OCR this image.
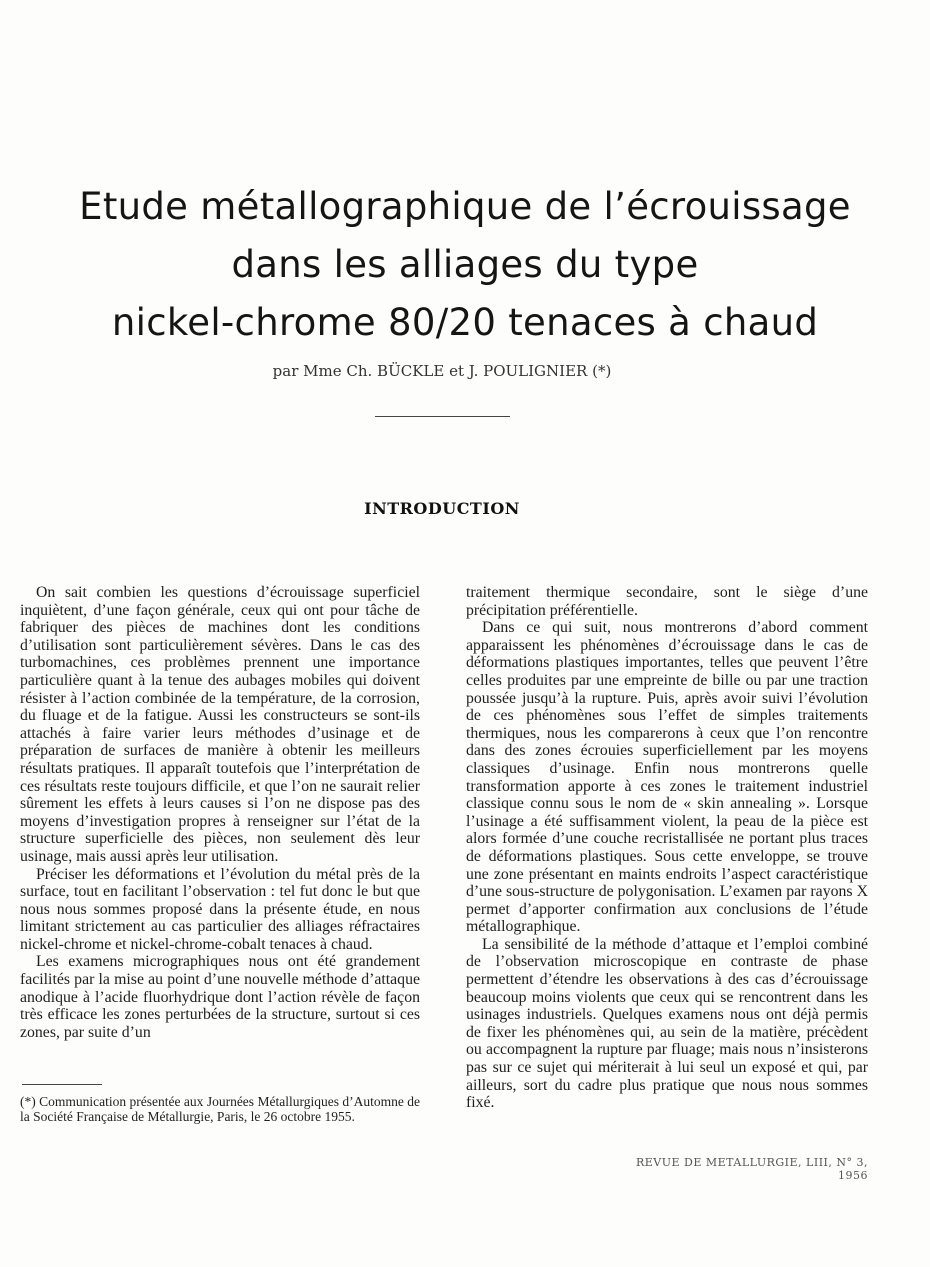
Etude métallographique de l’écrouissage
dans les alliages du type
nickel-chrome 80/20 tenaces à chaud
par Mme Ch. BÜCKLE et J. POULIGNIER (*)
INTRODUCTION

On sait combien les questions d’écrouissage superficiel inquiètent, d’une façon générale, ceux qui ont pour tâche de fabriquer des pièces de machines dont les conditions d’utilisation sont particulièrement sévères. Dans le cas des turbomachines, ces problèmes prennent une importance particulière quant à la tenue des aubages mobiles qui doivent résister à l’action combinée de la température, de la corrosion, du fluage et de la fatigue. Aussi les constructeurs se sont-ils attachés à faire varier leurs méthodes d’usinage et de préparation de surfaces de manière à obtenir les meilleurs résultats pratiques. Il apparaît toutefois que l’interprétation de ces résultats reste toujours difficile, et que l’on ne saurait relier sûrement les effets à leurs causes si l’on ne dispose pas des moyens d’investigation propres à renseigner sur l’état de la structure superficielle des pièces, non seulement dès leur usinage, mais aussi après leur utilisation.

Préciser les déformations et l’évolution du métal près de la surface, tout en facilitant l’observation : tel fut donc le but que nous nous sommes proposé dans la présente étude, en nous limitant strictement au cas particulier des alliages réfractaires nickel-chrome et nickel-chrome-cobalt tenaces à chaud.

Les examens micrographiques nous ont été grandement facilités par la mise au point d’une nouvelle méthode d’attaque anodique à l’acide fluorhydrique dont l’action révèle de façon très efficace les zones perturbées de la structure, surtout si ces zones, par suite d’un

traitement thermique secondaire, sont le siège d’une précipitation préférentielle.

Dans ce qui suit, nous montrerons d’abord comment apparaissent les phénomènes d’écrouissage dans le cas de déformations plastiques importantes, telles que peuvent l’être celles produites par une empreinte de bille ou par une traction poussée jusqu’à la rupture. Puis, après avoir suivi l’évolution de ces phénomènes sous l’effet de simples traitements thermiques, nous les comparerons à ceux que l’on rencontre dans des zones écrouies superficiellement par les moyens classiques d’usinage. Enfin nous montrerons quelle transformation apporte à ces zones le traitement industriel classique connu sous le nom de « skin annealing ». Lorsque l’usinage a été suffisamment violent, la peau de la pièce est alors formée d’une couche recristallisée ne portant plus traces de déformations plastiques. Sous cette enveloppe, se trouve une zone présentant en maints endroits l’aspect caractéristique d’une sous-structure de polygonisation. L’examen par rayons X permet d’apporter confirmation aux conclusions de l’étude métallographique.

La sensibilité de la méthode d’attaque et l’emploi combiné de l’observation microscopique en contraste de phase permettent d’étendre les observations à des cas d’écrouissage beaucoup moins violents que ceux qui se rencontrent dans les usinages industriels. Quelques examens nous ont déjà permis de fixer les phénomènes qui, au sein de la matière, précèdent ou accompagnent la rupture par fluage; mais nous n’insisterons pas sur ce sujet qui mériterait à lui seul un exposé et qui, par ailleurs, sort du cadre plus pratique que nous nous sommes fixé.

(*) Communication présentée aux Journées Métallurgiques d’Automne de la Société Française de Métallurgie, Paris, le 26 octobre 1955.
REVUE DE METALLURGIE, LIII, N° 3, 1956
